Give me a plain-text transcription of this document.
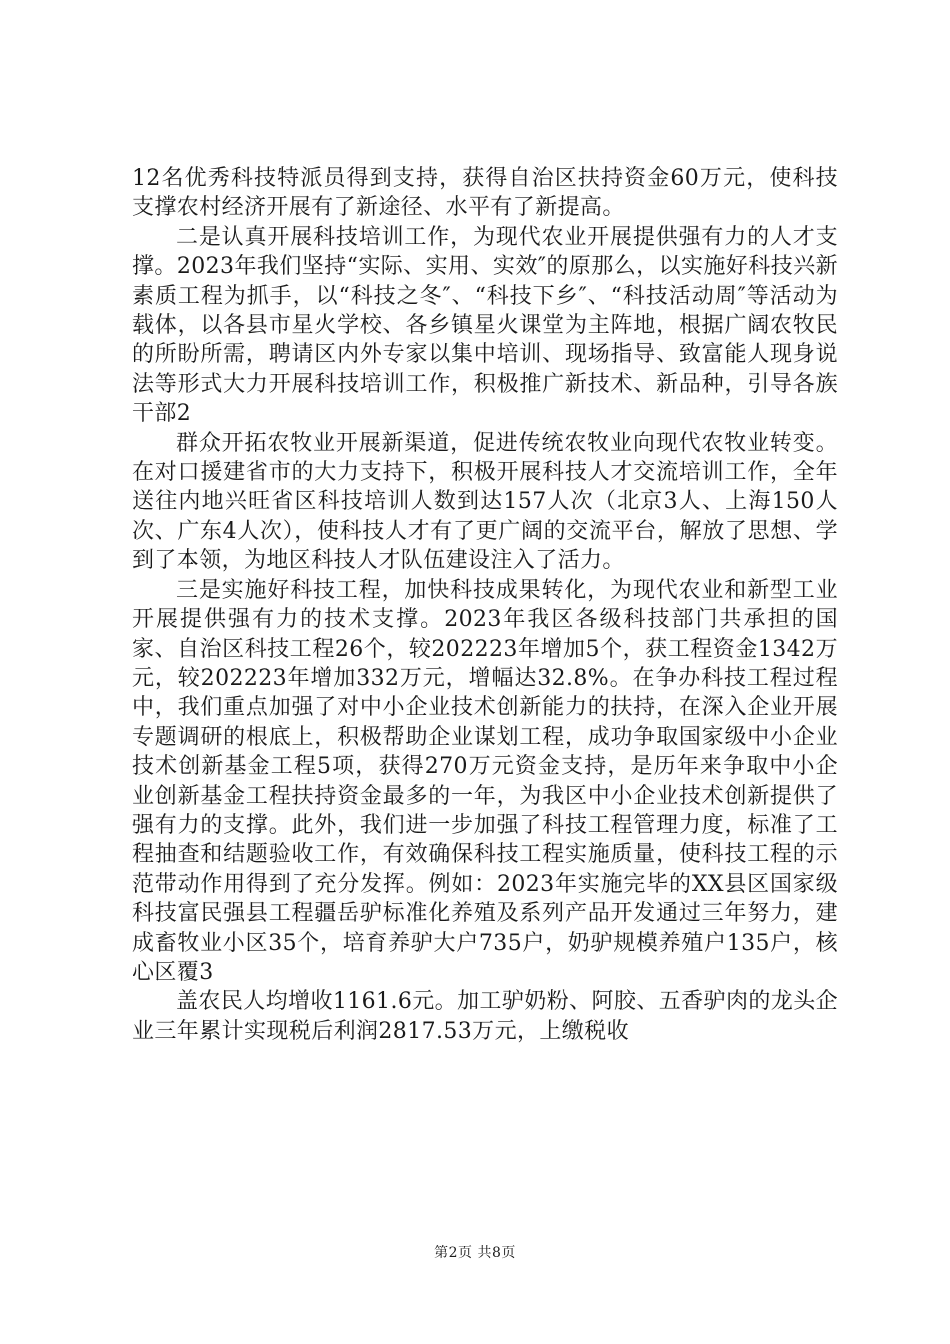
12名优秀科技特派员得到支持，获得自治区扶持资金60万元，使科技支撑农村经济开展有了新途径、水平有了新提高。

二是认真开展科技培训工作，为现代农业开展提供强有力的人才支撑。2023年我们坚持“实际、实用、实效″的原那么，以实施好科技兴新素质工程为抓手，以“科技之冬″、“科技下乡″、“科技活动周″等活动为载体，以各县市星火学校、各乡镇星火课堂为主阵地，根据广阔农牧民的所盼所需，聘请区内外专家以集中培训、现场指导、致富能人现身说法等形式大力开展科技培训工作，积极推广新技术、新品种，引导各族干部2

群众开拓农牧业开展新渠道，促进传统农牧业向现代农牧业转变。在对口援建省市的大力支持下，积极开展科技人才交流培训工作，全年送往内地兴旺省区科技培训人数到达157人次（北京3人、上海150人次、广东4人次），使科技人才有了更广阔的交流平台，解放了思想、学到了本领，为地区科技人才队伍建设注入了活力。

三是实施好科技工程，加快科技成果转化，为现代农业和新型工业开展提供强有力的技术支撑。2023年我区各级科技部门共承担的国家、自治区科技工程26个，较202223年增加5个，获工程资金1342万元，较202223年增加332万元，增幅达32.8%。在争办科技工程过程中，我们重点加强了对中小企业技术创新能力的扶持，在深入企业开展专题调研的根底上，积极帮助企业谋划工程，成功争取国家级中小企业技术创新基金工程5项，获得270万元资金支持，是历年来争取中小企业创新基金工程扶持资金最多的一年，为我区中小企业技术创新提供了强有力的支撑。此外，我们进一步加强了科技工程管理力度，标准了工程抽查和结题验收工作，有效确保科技工程实施质量，使科技工程的示范带动作用得到了充分发挥。例如：2023年实施完毕的XX县区国家级科技富民强县工程疆岳驴标准化养殖及系列产品开发通过三年努力，建成畜牧业小区35个，培育养驴大户735户，奶驴规模养殖户135户，核心区覆3

盖农民人均增收1161.6元。加工驴奶粉、阿胶、五香驴肉的龙头企业三年累计实现税后利润2817.53万元，上缴税收

第2页 共8页
